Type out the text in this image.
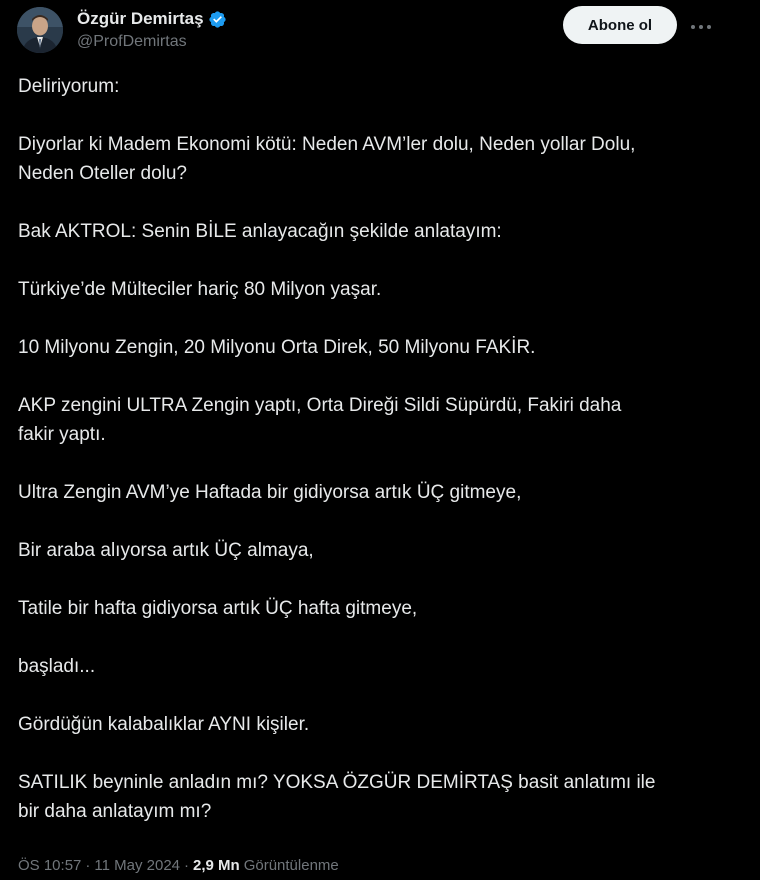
Özgür Demirtaş
@ProfDemirtas
Abone ol

Deliriyorum:

Diyorlar ki Madem Ekonomi kötü: Neden AVM’ler dolu, Neden yollar Dolu,
Neden Oteller dolu?

Bak AKTROL: Senin BİLE anlayacağın şekilde anlatayım:

Türkiye’de Mülteciler hariç 80 Milyon yaşar.

10 Milyonu Zengin, 20 Milyonu Orta Direk, 50 Milyonu FAKİR.

AKP zengini ULTRA Zengin yaptı, Orta Direği Sildi Süpürdü, Fakiri daha
fakir yaptı.

Ultra Zengin AVM’ye Haftada bir gidiyorsa artık ÜÇ gitmeye,

Bir araba alıyorsa artık ÜÇ almaya,

Tatile bir hafta gidiyorsa artık ÜÇ hafta gitmeye,

başladı...

Gördüğün kalabalıklar AYNI kişiler.

SATILIK beyninle anladın mı? YOKSA ÖZGÜR DEMİRTAŞ basit anlatımı ile
bir daha anlatayım mı?

ÖS 10:57 · 11 May 2024 · 2,9 Mn Görüntülenme
